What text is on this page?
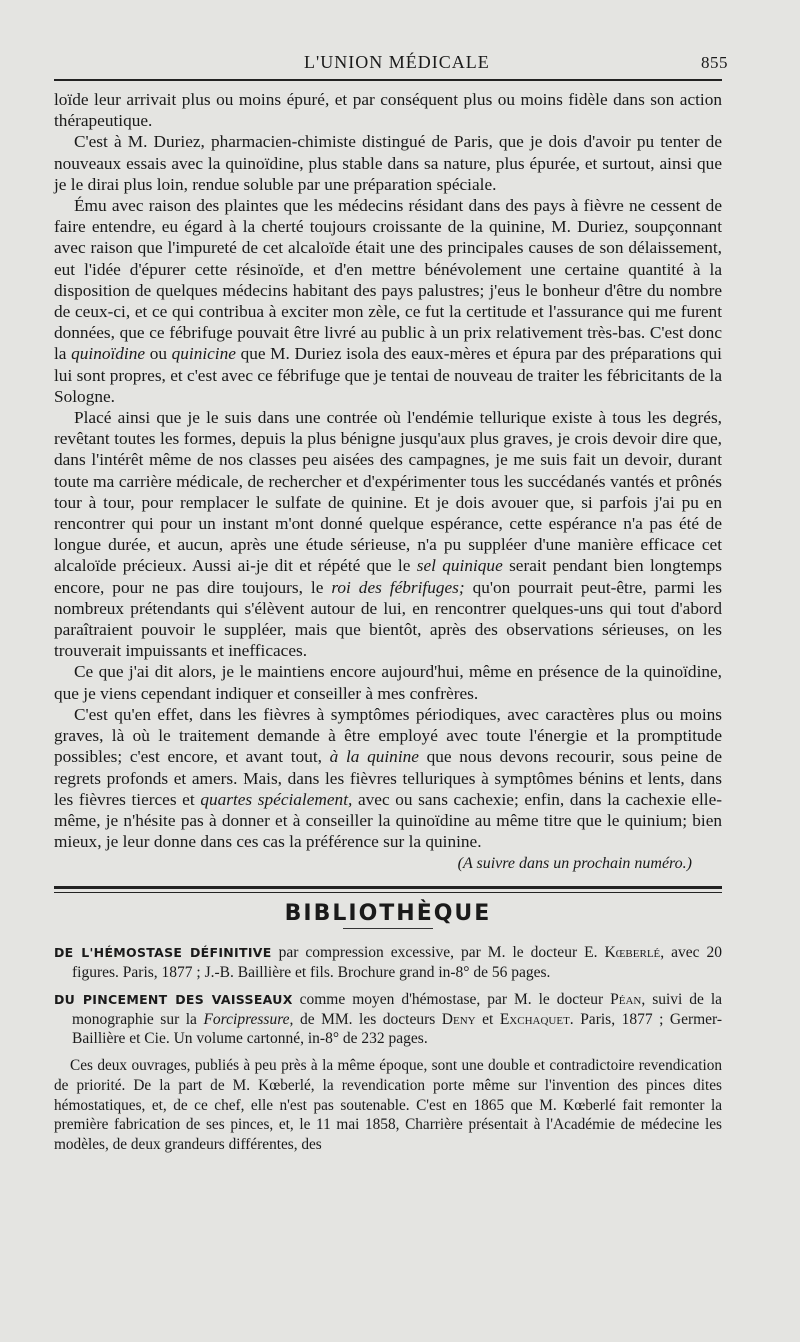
L'UNION MÉDICALE	855

loïde leur arrivait plus ou moins épuré, et par conséquent plus ou moins fidèle dans son action thérapeutique.

C'est à M. Duriez, pharmacien-chimiste distingué de Paris, que je dois d'avoir pu tenter de nouveaux essais avec la quinoïdine, plus stable dans sa nature, plus épurée, et surtout, ainsi que je le dirai plus loin, rendue soluble par une préparation spéciale.

Ému avec raison des plaintes que les médecins résidant dans des pays à fièvre ne cessent de faire entendre, eu égard à la cherté toujours croissante de la quinine, M. Duriez, soupçonnant avec raison que l'impureté de cet alcaloïde était une des principales causes de son délaissement, eut l'idée d'épurer cette résinoïde, et d'en mettre bénévolement une certaine quantité à la disposition de quelques médecins habitant des pays palustres; j'eus le bonheur d'être du nombre de ceux-ci, et ce qui contribua à exciter mon zèle, ce fut la certitude et l'assurance qui me furent données, que ce fébrifuge pouvait être livré au public à un prix relativement très-bas. C'est donc la quinoïdine ou quinicine que M. Duriez isola des eaux-mères et épura par des préparations qui lui sont propres, et c'est avec ce fébrifuge que je tentai de nouveau de traiter les fébricitants de la Sologne.

Placé ainsi que je le suis dans une contrée où l'endémie tellurique existe à tous les degrés, revêtant toutes les formes, depuis la plus bénigne jusqu'aux plus graves, je crois devoir dire que, dans l'intérêt même de nos classes peu aisées des campagnes, je me suis fait un devoir, durant toute ma carrière médicale, de rechercher et d'expérimenter tous les succédanés vantés et prônés tour à tour, pour remplacer le sulfate de quinine. Et je dois avouer que, si parfois j'ai pu en rencontrer qui pour un instant m'ont donné quelque espérance, cette espérance n'a pas été de longue durée, et aucun, après une étude sérieuse, n'a pu suppléer d'une manière efficace cet alcaloïde précieux. Aussi ai-je dit et répété que le sel quinique serait pendant bien longtemps encore, pour ne pas dire toujours, le roi des fébrifuges; qu'on pourrait peut-être, parmi les nombreux prétendants qui s'élèvent autour de lui, en rencontrer quelques-uns qui tout d'abord paraîtraient pouvoir le suppléer, mais que bientôt, après des observations sérieuses, on les trouverait impuissants et inefficaces.

Ce que j'ai dit alors, je le maintiens encore aujourd'hui, même en présence de la quinoïdine, que je viens cependant indiquer et conseiller à mes confrères.

C'est qu'en effet, dans les fièvres à symptômes périodiques, avec caractères plus ou moins graves, là où le traitement demande à être employé avec toute l'énergie et la promptitude possibles; c'est encore, et avant tout, à la quinine que nous devons recourir, sous peine de regrets profonds et amers. Mais, dans les fièvres telluriques à symptômes bénins et lents, dans les fièvres tierces et quartes spécialement, avec ou sans cachexie; enfin, dans la cachexie elle-même, je n'hésite pas à donner et à conseiller la quinoïdine au même titre que le quinium; bien mieux, je leur donne dans ces cas la préférence sur la quinine.

(A suivre dans un prochain numéro.)
BIBLIOTHÈQUE

DE L'HÉMOSTASE DÉFINITIVE par compression excessive, par M. le docteur E. Kœberlé, avec 20 figures. Paris, 1877 ; J.-B. Baillière et fils. Brochure grand in-8° de 56 pages.

DU PINCEMENT DES VAISSEAUX comme moyen d'hémostase, par M. le docteur Péan, suivi de la monographie sur la Forcipressure, de MM. les docteurs Deny et Exchaquet. Paris, 1877 ; Germer-Baillière et Cie. Un volume cartonné, in-8° de 232 pages.

Ces deux ouvrages, publiés à peu près à la même époque, sont une double et contradictoire revendication de priorité. De la part de M. Kœberlé, la revendication porte même sur l'invention des pinces dites hémostatiques, et, de ce chef, elle n'est pas soutenable. C'est en 1865 que M. Kœberlé fait remonter la première fabrication de ses pinces, et, le 11 mai 1858, Charrière présentait à l'Académie de médecine les modèles, de deux grandeurs différentes, des
